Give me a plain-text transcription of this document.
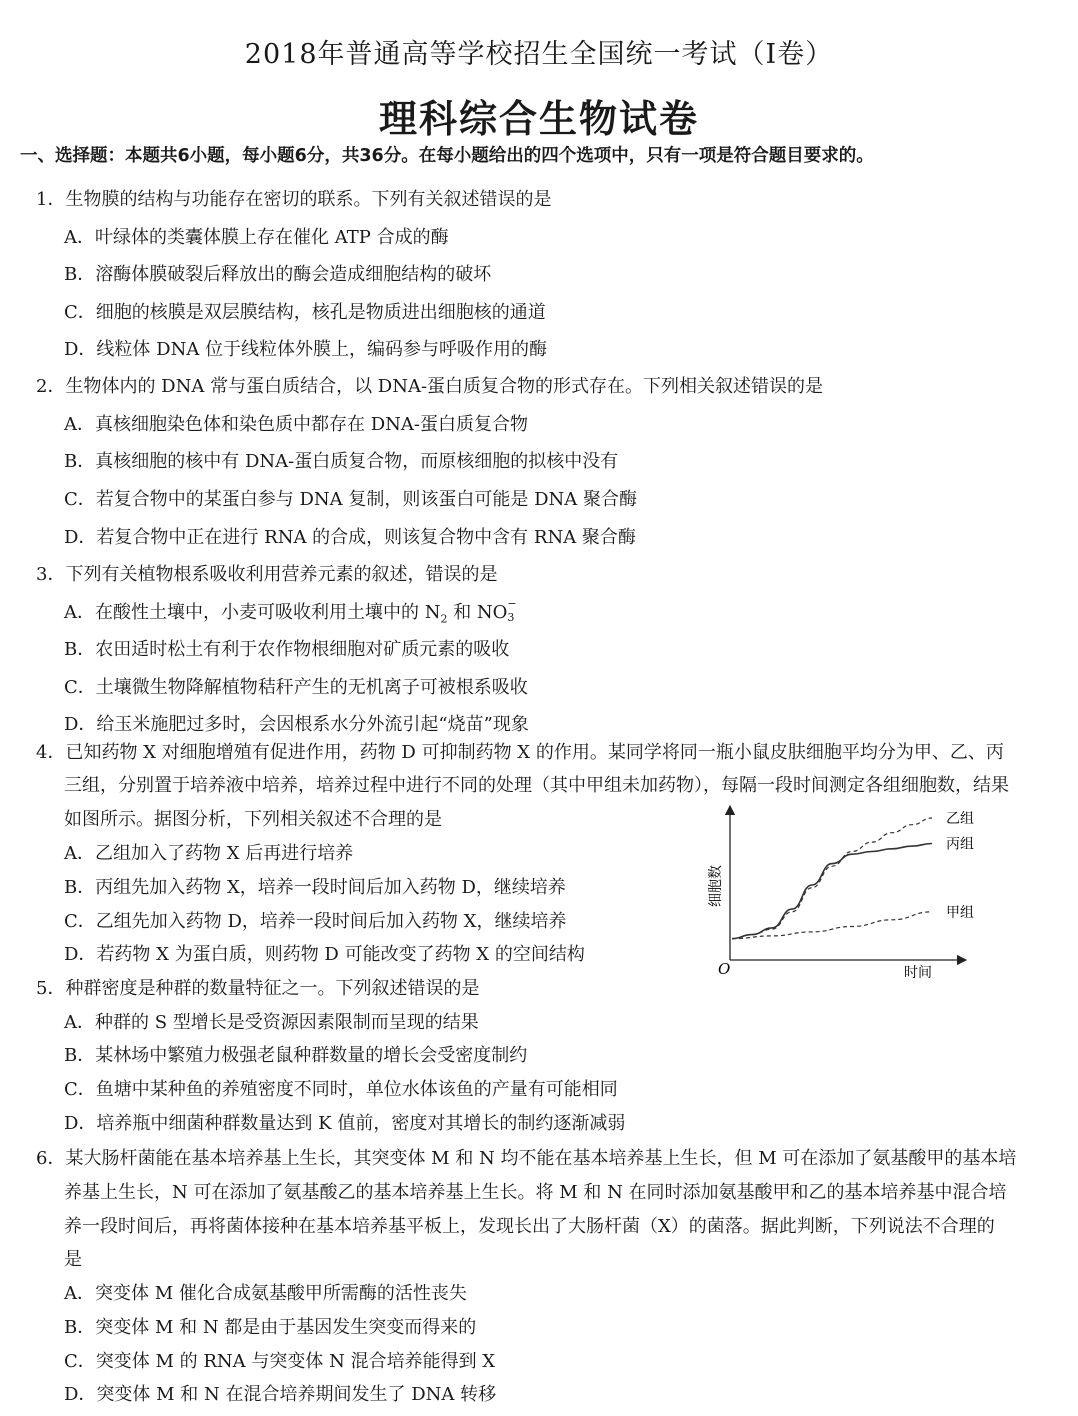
2018年普通高等学校招生全国统一考试（I卷）
理科综合生物试卷
一、选择题：本题共6小题，每小题6分，共36分。在每小题给出的四个选项中，只有一项是符合题目要求的。
1．生物膜的结构与功能存在密切的联系。下列有关叙述错误的是
A．叶绿体的类囊体膜上存在催化 ATP 合成的酶
B．溶酶体膜破裂后释放出的酶会造成细胞结构的破坏
C．细胞的核膜是双层膜结构，核孔是物质进出细胞核的通道
D．线粒体 DNA 位于线粒体外膜上，编码参与呼吸作用的酶
2．生物体内的 DNA 常与蛋白质结合，以 DNA-蛋白质复合物的形式存在。下列相关叙述错误的是
A．真核细胞染色体和染色质中都存在 DNA-蛋白质复合物
B．真核细胞的核中有 DNA-蛋白质复合物，而原核细胞的拟核中没有
C．若复合物中的某蛋白参与 DNA 复制，则该蛋白可能是 DNA 聚合酶
D．若复合物中正在进行 RNA 的合成，则该复合物中含有 RNA 聚合酶
3．下列有关植物根系吸收利用营养元素的叙述，错误的是
A．在酸性土壤中，小麦可吸收利用土壤中的 $N_2$ 和 NO −
3
B．农田适时松土有利于农作物根细胞对矿质元素的吸收
C．土壤微生物降解植物秸秆产生的无机离子可被根系吸收
D．给玉米施肥过多时，会因根系水分外流引起“烧苗”现象
4．已知药物 X 对细胞增殖有促进作用，药物 D 可抑制药物 X 的作用。某同学将同一瓶小鼠皮肤细胞平均分为甲、乙、丙
三组，分别置于培养液中培养，培养过程中进行不同的处理（其中甲组未加药物），每隔一段时间测定各组细胞数，结果
如图所示。据图分析，下列相关叙述不合理的是
A．乙组加入了药物 X 后再进行培养
B．丙组先加入药物 X，培养一段时间后加入药物 D，继续培养
C．乙组先加入药物 D，培养一段时间后加入药物 X，继续培养
D．若药物 X 为蛋白质，则药物 D 可能改变了药物 X 的空间结构
O	时间
细胞数
乙组
丙组
甲组
5．种群密度是种群的数量特征之一。下列叙述错误的是
A．种群的 S 型增长是受资源因素限制而呈现的结果
B．某林场中繁殖力极强老鼠种群数量的增长会受密度制约
C．鱼塘中某种鱼的养殖密度不同时，单位水体该鱼的产量有可能相同
D．培养瓶中细菌种群数量达到 K 值前，密度对其增长的制约逐渐减弱
6．某大肠杆菌能在基本培养基上生长，其突变体 M 和 N 均不能在基本培养基上生长，但 M 可在添加了氨基酸甲的基本培
养基上生长，N 可在添加了氨基酸乙的基本培养基上生长。将 M 和 N 在同时添加氨基酸甲和乙的基本培养基中混合培
养一段时间后，再将菌体接种在基本培养基平板上，发现长出了大肠杆菌（X）的菌落。据此判断，下列说法不合理的
是
A．突变体 M 催化合成氨基酸甲所需酶的活性丧失
B．突变体 M 和 N 都是由于基因发生突变而得来的
C．突变体 M 的 RNA 与突变体 N 混合培养能得到 X
D．突变体 M 和 N 在混合培养期间发生了 DNA 转移
